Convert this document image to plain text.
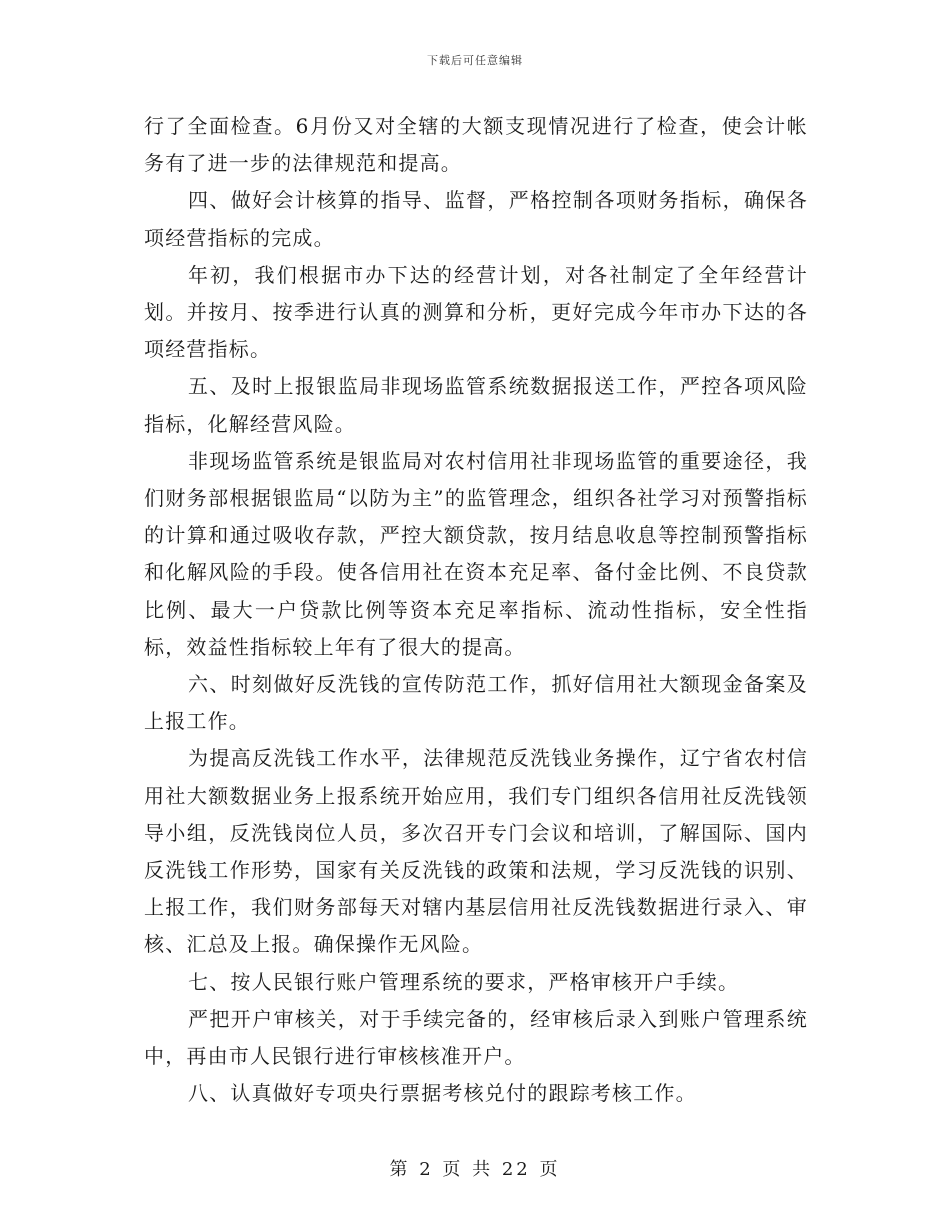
下载后可任意编辑

行了全面检查。6月份又对全辖的大额支现情况进行了检查，使会计帐务有了进一步的法律规范和提高。

四、做好会计核算的指导、监督，严格控制各项财务指标，确保各项经营指标的完成。

年初，我们根据市办下达的经营计划，对各社制定了全年经营计划。并按月、按季进行认真的测算和分析，更好完成今年市办下达的各项经营指标。

五、及时上报银监局非现场监管系统数据报送工作，严控各项风险指标，化解经营风险。

非现场监管系统是银监局对农村信用社非现场监管的重要途径，我们财务部根据银监局“以防为主”的监管理念，组织各社学习对预警指标的计算和通过吸收存款，严控大额贷款，按月结息收息等控制预警指标和化解风险的手段。使各信用社在资本充足率、备付金比例、不良贷款比例、最大一户贷款比例等资本充足率指标、流动性指标，安全性指标，效益性指标较上年有了很大的提高。

六、时刻做好反洗钱的宣传防范工作，抓好信用社大额现金备案及上报工作。

为提高反洗钱工作水平，法律规范反洗钱业务操作，辽宁省农村信用社大额数据业务上报系统开始应用，我们专门组织各信用社反洗钱领导小组，反洗钱岗位人员，多次召开专门会议和培训，了解国际、国内反洗钱工作形势，国家有关反洗钱的政策和法规，学习反洗钱的识别、上报工作，我们财务部每天对辖内基层信用社反洗钱数据进行录入、审核、汇总及上报。确保操作无风险。

七、按人民银行账户管理系统的要求，严格审核开户手续。

严把开户审核关，对于手续完备的，经审核后录入到账户管理系统中，再由市人民银行进行审核核准开户。

八、认真做好专项央行票据考核兑付的跟踪考核工作。

第 2 页 共 22 页
